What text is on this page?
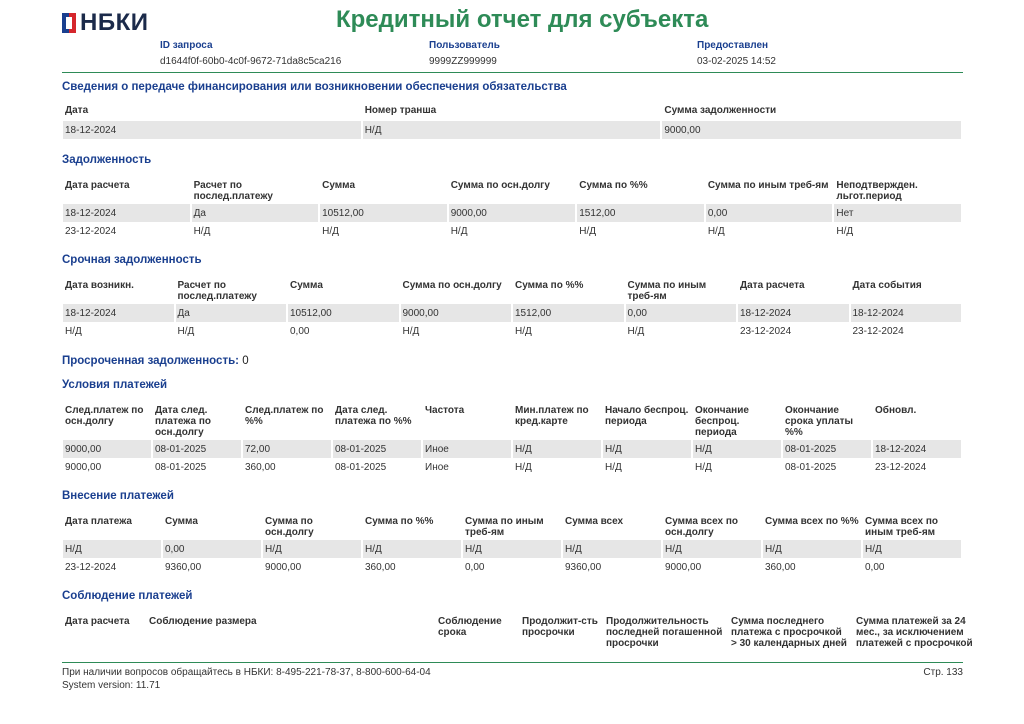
НБКИ	Кредитный отчет для субъекта
ID запроса
d1644f0f-60b0-4c0f-9672-71da8c5ca216
Пользователь
9999ZZ999999
Предоставлен
03-02-2025 14:52
Сведения о передаче финансирования или возникновении обеспечения обязательства
Дата	Номер транша	Сумма задолженности
18-12-2024	Н/Д	9000,00
Задолженность
Дата расчета	Расчет по послед.платежу	Сумма	Сумма по осн.долгу	Сумма по %%	Сумма по иным треб-ям	Неподтвержден. льгот.период
18-12-2024	Да	10512,00	9000,00	1512,00	0,00	Нет
23-12-2024	Н/Д	Н/Д	Н/Д	Н/Д	Н/Д	Н/Д
Срочная задолженность
Дата возникн.	Расчет по послед.платежу	Сумма	Сумма по осн.долгу	Сумма по %%	Сумма по иным треб-ям	Дата расчета	Дата события
18-12-2024	Да	10512,00	9000,00	1512,00	0,00	18-12-2024	18-12-2024
Н/Д	Н/Д	0,00	Н/Д	Н/Д	Н/Д	23-12-2024	23-12-2024
Просроченная задолженность: 0
Условия платежей
След.платеж по осн.долгу	Дата след. платежа по осн.долгу	След.платеж по %%	Дата след. платежа по %%	Частота	Мин.платеж по кред.карте	Начало беспроц. периода	Окончание беспроц. периода	Окончание срока уплаты %%	Обновл.
9000,00	08-01-2025	72,00	08-01-2025	Иное	Н/Д	Н/Д	Н/Д	08-01-2025	18-12-2024
9000,00	08-01-2025	360,00	08-01-2025	Иное	Н/Д	Н/Д	Н/Д	08-01-2025	23-12-2024
Внесение платежей
Дата платежа	Сумма	Сумма по осн.долгу	Сумма по %%	Сумма по иным треб-ям	Сумма всех	Сумма всех по осн.долгу	Сумма всех по %%	Сумма всех по иным треб-ям
Н/Д	0,00	Н/Д	Н/Д	Н/Д	Н/Д	Н/Д	Н/Д	Н/Д
23-12-2024	9360,00	9000,00	360,00	0,00	9360,00	9000,00	360,00	0,00
Соблюдение платежей
Дата расчета	Соблюдение размера	Соблюдение срока	Продолжит-сть просрочки	Продолжительность последней погашенной просрочки	Сумма последнего платежа с просрочкой > 30 календарных дней	Сумма платежей за 24 мес., за исключением платежей с просрочкой
При наличии вопросов обращайтесь в НБКИ: 8-495-221-78-37, 8-800-600-64-04
System version: 11.71
Стр. 133
